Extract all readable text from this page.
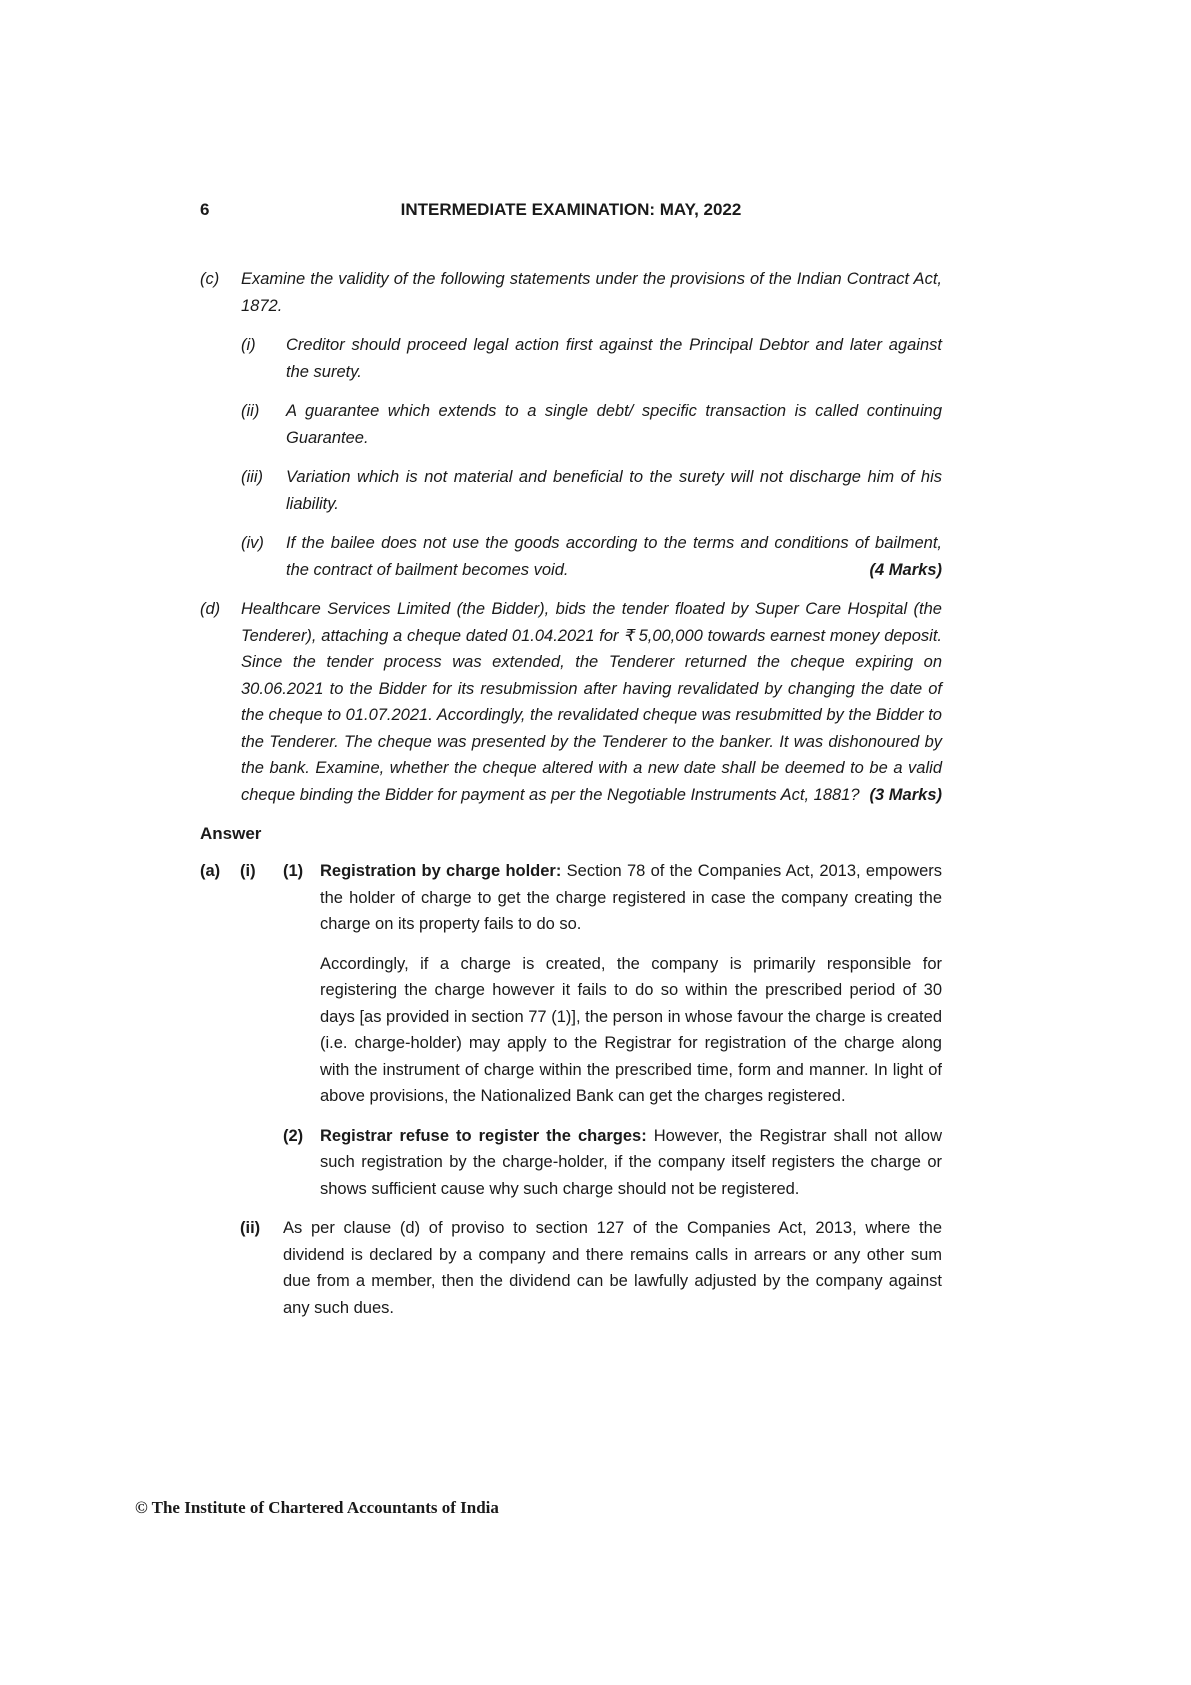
6	INTERMEDIATE EXAMINATION: MAY, 2022
(c)	Examine the validity of the following statements under the provisions of the Indian Contract Act, 1872.
(i)	Creditor should proceed legal action first against the Principal Debtor and later against the surety.
(ii)	A guarantee which extends to a single debt/ specific transaction is called continuing Guarantee.
(iii)	Variation which is not material and beneficial to the surety will not discharge him of his liability.
(iv)	If the bailee does not use the goods according to the terms and conditions of bailment, the contract of bailment becomes void.	(4 Marks)
(d)	Healthcare Services Limited (the Bidder), bids the tender floated by Super Care Hospital (the Tenderer), attaching a cheque dated 01.04.2021 for ₹ 5,00,000 towards earnest money deposit. Since the tender process was extended, the Tenderer returned the cheque expiring on 30.06.2021 to the Bidder for its resubmission after having revalidated by changing the date of the cheque to 01.07.2021. Accordingly, the revalidated cheque was resubmitted by the Bidder to the Tenderer. The cheque was presented by the Tenderer to the banker. It was dishonoured by the bank. Examine, whether the cheque altered with a new date shall be deemed to be a valid cheque binding the Bidder for payment as per the Negotiable Instruments Act, 1881? (3 Marks)
Answer
(a)	(i)	(1)	Registration by charge holder: Section 78 of the Companies Act, 2013, empowers the holder of charge to get the charge registered in case the company creating the charge on its property fails to do so.
Accordingly, if a charge is created, the company is primarily responsible for registering the charge however it fails to do so within the prescribed period of 30 days [as provided in section 77 (1)], the person in whose favour the charge is created (i.e. charge-holder) may apply to the Registrar for registration of the charge along with the instrument of charge within the prescribed time, form and manner. In light of above provisions, the Nationalized Bank can get the charges registered.
(2)	Registrar refuse to register the charges: However, the Registrar shall not allow such registration by the charge-holder, if the company itself registers the charge or shows sufficient cause why such charge should not be registered.
(ii)	As per clause (d) of proviso to section 127 of the Companies Act, 2013, where the dividend is declared by a company and there remains calls in arrears or any other sum due from a member, then the dividend can be lawfully adjusted by the company against any such dues.
© The Institute of Chartered Accountants of India
